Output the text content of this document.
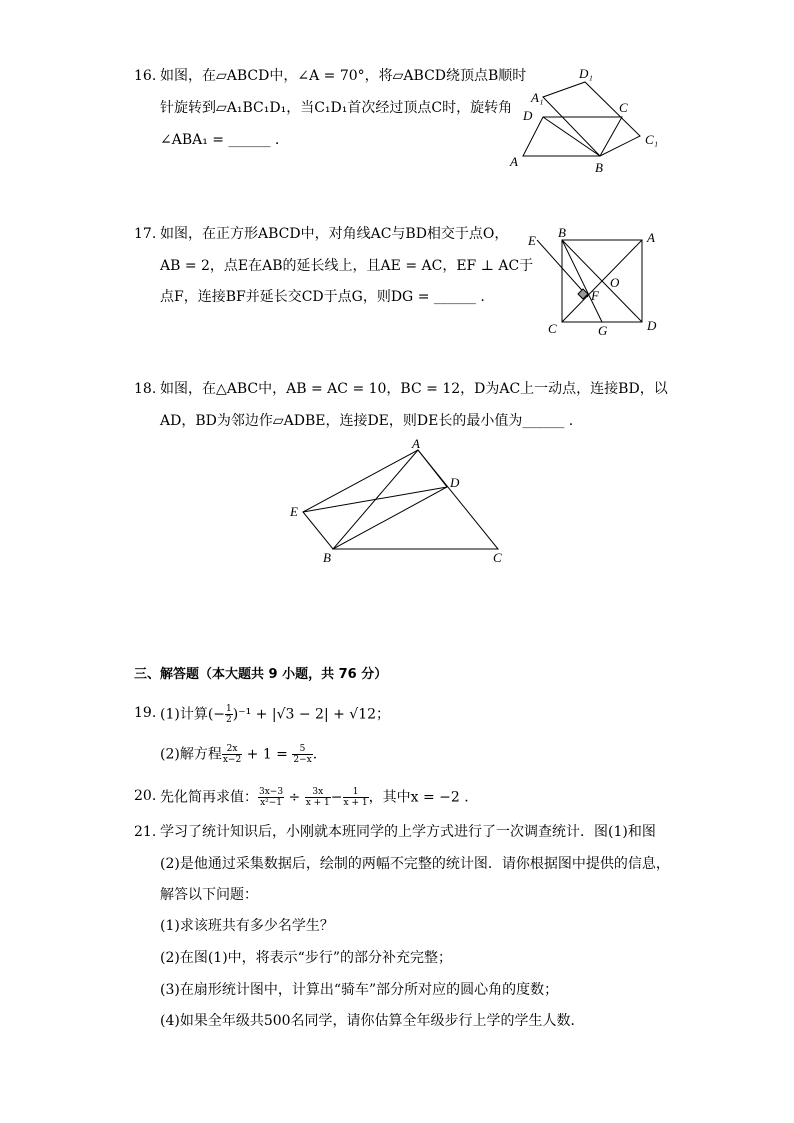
16. 如图，在▱ABCD中，∠A = 70°，将▱ABCD绕顶点B顺时
针旋转到▱A₁BC₁D₁，当C₁D₁首次经过顶点C时，旋转角
∠ABA₁ = ______ .
A	B
C
D
A₁
C₁
D₁
17. 如图，在正方形ABCD中，对角线AC与BD相交于点O，
AB = 2，点E在AB的延长线上，且AE = AC，EF ⊥ AC于
点F，连接BF并延长交CD于点G，则DG = ______ .
E
B	A
O
F
C	G	D
18. 如图，在△ABC中，AB = AC = 10，BC = 12，D为AC上一动点，连接BD，以
AD，BD为邻边作▱ADBE，连接DE，则DE长的最小值为______ .
A
D
E
B	C
三、解答题（本大题共 9 小题，共 76 分）
19. (1)计算(− $\frac{1}{2} )^{-1} + |√3 - 2| + √12$；
(2)解方程 $\frac{2x}{x-2} + 1 = \frac{5}{2-x}$ .
20. 先化简再求值： $\frac{3x-3}{\text{x²−1}} \div \frac{3x}{x + 1} - \frac{1}{x + 1}$ ，其中x = −2 .
21. 学习了统计知识后，小刚就本班同学的上学方式进行了一次调查统计．图(1)和图
(2)是他通过采集数据后，绘制的两幅不完整的统计图．请你根据图中提供的信息，
解答以下问题：
(1)求该班共有多少名学生？
(2)在图(1)中，将表示“步行”的部分补充完整；
(3)在扇形统计图中，计算出“骑车”部分所对应的圆心角的度数；
(4)如果全年级共500名同学，请你估算全年级步行上学的学生人数．
